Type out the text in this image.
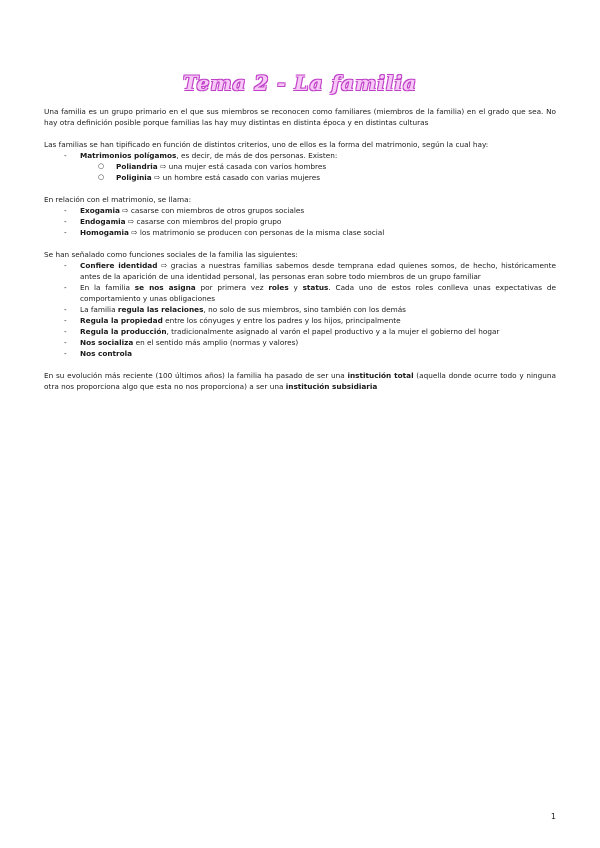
Tema 2 - La familia

Una familia es un grupo primario en el que sus miembros se reconocen como familiares (miembros de la familia) en el grado que sea. No hay otra definición posible porque familias las hay muy distintas en distinta época y en distintas culturas

Las familias se han tipificado en función de distintos criterios, uno de ellos es la forma del matrimonio, según la cual hay:
- Matrimonios polígamos, es decir, de más de dos personas. Existen:
○ Poliandria ⇨ una mujer está casada con varios hombres
○ Poliginia ⇨ un hombre está casado con varias mujeres
En relación con el matrimonio, se llama:
- Exogamia ⇨ casarse con miembros de otros grupos sociales
- Endogamia ⇨ casarse con miembros del propio grupo
- Homogamia ⇨ los matrimonio se producen con personas de la misma clase social
Se han señalado como funciones sociales de la familia las siguientes:
- Confiere identidad ⇨ gracias a nuestras familias sabemos desde temprana edad quienes somos, de hecho, históricamente antes de la aparición de una identidad personal, las personas eran sobre todo miembros de un grupo familiar
- En la familia se nos asigna por primera vez roles y status. Cada uno de estos roles conlleva unas expectativas de comportamiento y unas obligaciones
- La familia regula las relaciones, no solo de sus miembros, sino también con los demás
- Regula la propiedad entre los cónyuges y entre los padres y los hijos, principalmente
- Regula la producción, tradicionalmente asignado al varón el papel productivo y a la mujer el gobierno del hogar
- Nos socializa en el sentido más amplio (normas y valores)
- Nos controla

En su evolución más reciente (100 últimos años) la familia ha pasado de ser una institución total (aquella donde ocurre todo y ninguna otra nos proporciona algo que esta no nos proporciona) a ser una institución subsidiaria

1
